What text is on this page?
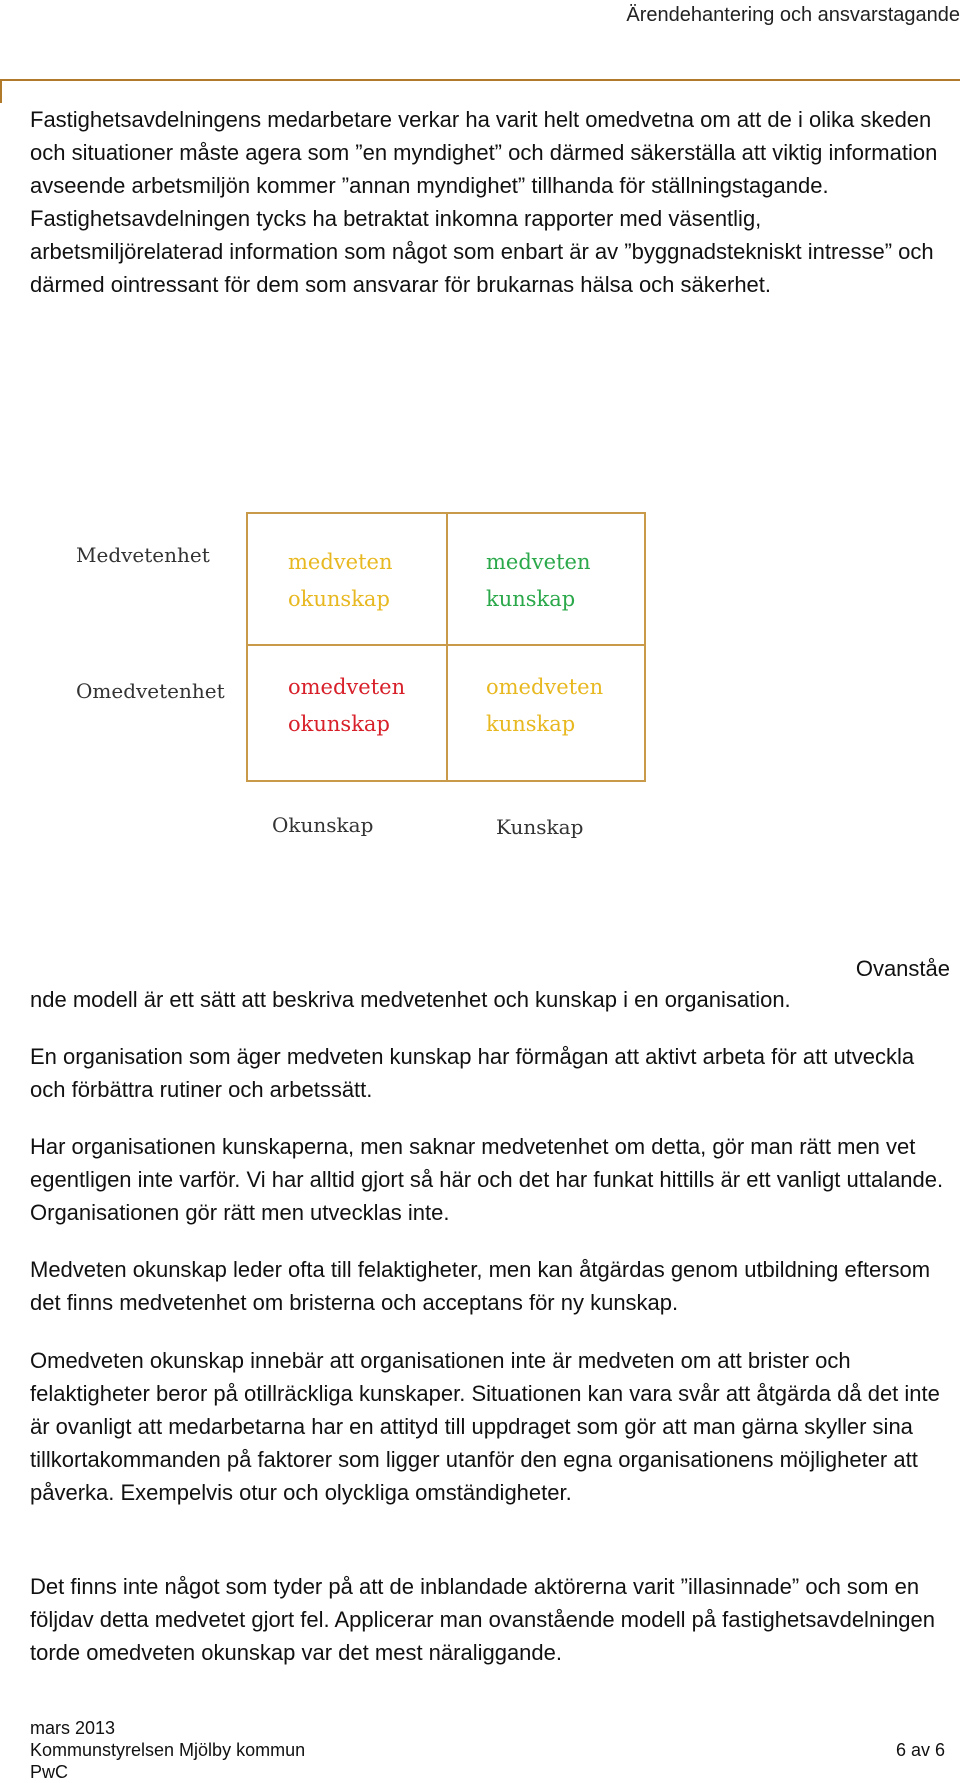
Ärendehantering och ansvarstagande

Fastighetsavdelningens medarbetare verkar ha varit helt omedvetna om att de i olika skeden och situationer måste agera som ”en myndighet” och därmed säkerställa att viktig information avseende arbetsmiljön kommer ”annan myndighet” tillhanda för ställningstagande. Fastighetsavdelningen tycks ha betraktat inkomna rapporter med väsentlig, arbetsmiljörelaterad information som något som enbart är av ”byggnadstekniskt intresse” och därmed ointressant för dem som ansvarar för brukarnas hälsa och säkerhet.

Medvetenhet
Omedvetenhet
medveten
okunskap
medveten
kunskap
omedveten
okunskap
omedveten
kunskap
Okunskap	Kunskap
Ovanståe

nde modell är ett sätt att beskriva medvetenhet och kunskap i en organisation.

En organisation som äger medveten kunskap har förmågan att aktivt arbeta för att utveckla och förbättra rutiner och arbetssätt.

Har organisationen kunskaperna, men saknar medvetenhet om detta, gör man rätt men vet egentligen inte varför. Vi har alltid gjort så här och det har funkat hittills är ett vanligt uttalande. Organisationen gör rätt men utvecklas inte.

Medveten okunskap leder ofta till felaktigheter, men kan åtgärdas genom utbildning eftersom det finns medvetenhet om bristerna och acceptans för ny kunskap.

Omedveten okunskap innebär att organisationen inte är medveten om att brister och felaktigheter beror på otillräckliga kunskaper. Situationen kan vara svår att åtgärda då det inte är ovanligt att medarbetarna har en attityd till uppdraget som gör att man gärna skyller sina tillkortakommanden på faktorer som ligger utanför den egna organisationens möjligheter att påverka. Exempelvis otur och olyckliga omständigheter.

Det finns inte något som tyder på att de inblandade aktörerna varit ”illasinnade” och som en följdav detta medvetet gjort fel. Applicerar man ovanstående modell på fastighetsavdelningen torde omedveten okunskap var det mest näraliggande.

mars 2013
Kommunstyrelsen Mjölby kommun
PwC
6 av 6
